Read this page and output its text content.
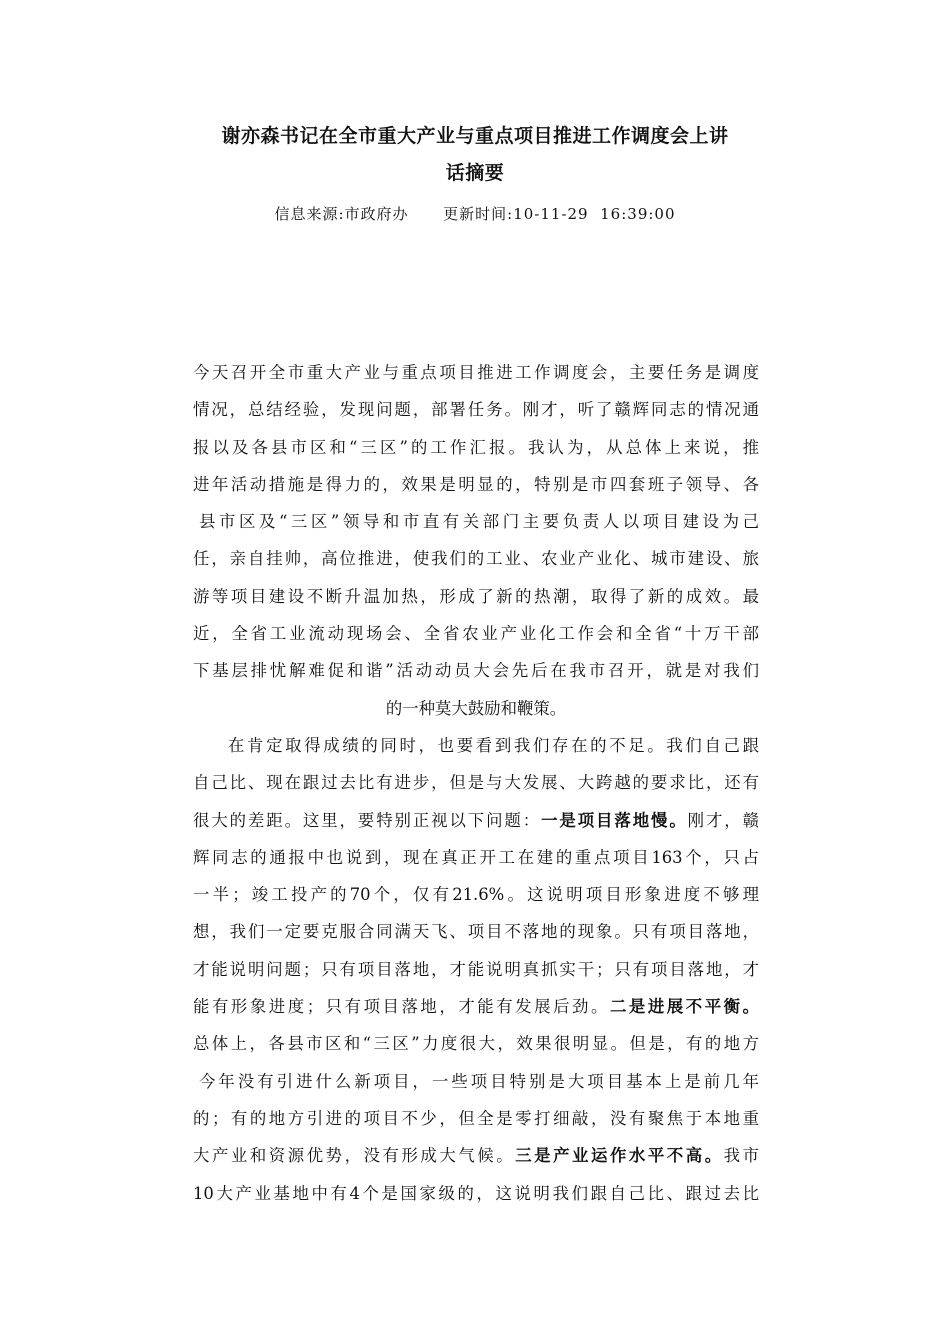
谢亦森书记在全市重大产业与重点项目推进工作调度会上讲
话摘要
信息来源:市政府办      更新时间:10-11-29  16:39:00
今天召开全市重大产业与重点项目推进工作调度会，主要任务是调度
情况，总结经验，发现问题，部署任务。刚才，听了赣辉同志的情况通
报以及各县市区和“三区”的工作汇报。我认为，从总体上来说，推
进年活动措施是得力的，效果是明显的，特别是市四套班子领导、各
县市区及“三区”领导和市直有关部门主要负责人以项目建设为己
任，亲自挂帅，高位推进，使我们的工业、农业产业化、城市建设、旅
游等项目建设不断升温加热，形成了新的热潮，取得了新的成效。最
近，全省工业流动现场会、全省农业产业化工作会和全省“十万干部
下基层排忧解难促和谐”活动动员大会先后在我市召开，就是对我们
的一种莫大鼓励和鞭策。
在肯定取得成绩的同时，也要看到我们存在的不足。我们自己跟
自己比、现在跟过去比有进步，但是与大发展、大跨越的要求比，还有
很大的差距。这里，要特别正视以下问题：一是项目落地慢。刚才，赣
辉同志的通报中也说到，现在真正开工在建的重点项目163个，只占
一半；竣工投产的70个，仅有21.6%。这说明项目形象进度不够理
想，我们一定要克服合同满天飞、项目不落地的现象。只有项目落地，
才能说明问题；只有项目落地，才能说明真抓实干；只有项目落地，才
能有形象进度；只有项目落地，才能有发展后劲。二是进展不平衡。
总体上，各县市区和“三区”力度很大，效果很明显。但是，有的地方
今年没有引进什么新项目，一些项目特别是大项目基本上是前几年
的；有的地方引进的项目不少，但全是零打细敲，没有聚焦于本地重
大产业和资源优势，没有形成大气候。三是产业运作水平不高。我市
10大产业基地中有4个是国家级的，这说明我们跟自己比、跟过去比
